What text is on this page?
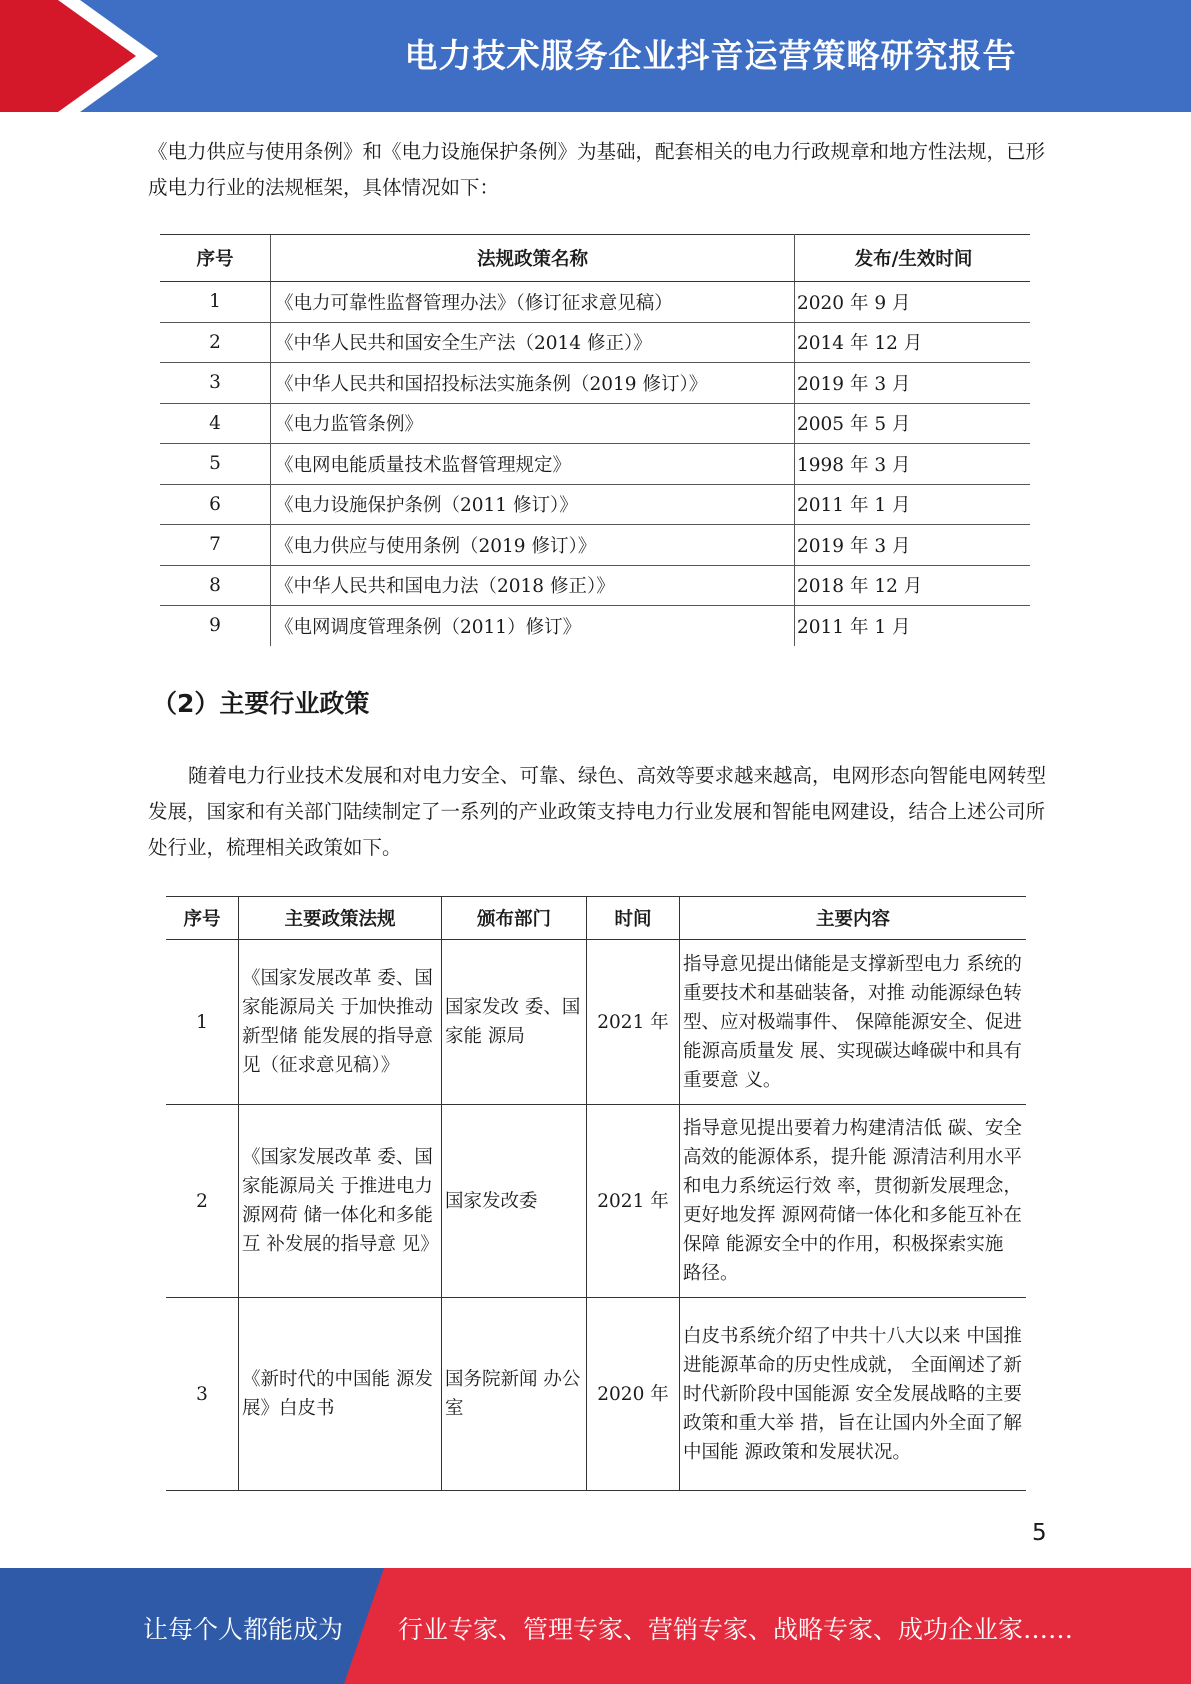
电力技术服务企业抖音运营策略研究报告
《电力供应与使用条例》和《电力设施保护条例》为基础，配套相关的电力行政规章和地方性法规，已形成电力行业的法规框架，具体情况如下：
序号	法规政策名称	发布/生效时间
1	《电力可靠性监督管理办法》（修订征求意见稿）	2020 年 9 月
2	《中华人民共和国安全生产法（2014 修正）》	2014 年 12 月
3	《中华人民共和国招投标法实施条例（2019 修订）》	2019 年 3 月
4	《电力监管条例》	2005 年 5 月
5	《电网电能质量技术监督管理规定》	1998 年 3 月
6	《电力设施保护条例（2011 修订）》	2011 年 1 月
7	《电力供应与使用条例（2019 修订）》	2019 年 3 月
8	《中华人民共和国电力法（2018 修正）》	2018 年 12 月
9	《电网调度管理条例（2011）修订》	2011 年 1 月
（2）主要行业政策
随着电力行业技术发展和对电力安全、可靠、绿色、高效等要求越来越高，电网形态向智能电网转型发展，国家和有关部门陆续制定了一系列的产业政策支持电力行业发展和智能电网建设，结合上述公司所处行业，梳理相关政策如下。
序号	主要政策法规	颁布部门	时间	主要内容
1	《国家发展改革 委、国家能源局关 于加快推动新型储 能发展的指导意见（征求意见稿）》	国家发改 委、国家能 源局	2021 年	指导意见提出储能是支撑新型电力 系统的重要技术和基础装备，对推 动能源绿色转型、应对极端事件、 保障能源安全、促进能源高质量发 展、实现碳达峰碳中和具有重要意 义。
2	《国家发展改革 委、国家能源局关 于推进电力源网荷 储一体化和多能互 补发展的指导意 见》	国家发改委	2021 年	指导意见提出要着力构建清洁低 碳、安全高效的能源体系，提升能 源清洁利用水平和电力系统运行效 率，贯彻新发展理念，更好地发挥 源网荷储一体化和多能互补在保障 能源安全中的作用，积极探索实施 路径。
3	《新时代的中国能 源发展》白皮书	国务院新闻 办公室	2020 年	白皮书系统介绍了中共十八大以来 中国推进能源革命的历史性成就， 全面阐述了新时代新阶段中国能源 安全发展战略的主要政策和重大举 措，旨在让国内外全面了解中国能 源政策和发展状况。
5
让每个人都能成为 行业专家、管理专家、营销专家、战略专家、成功企业家……
